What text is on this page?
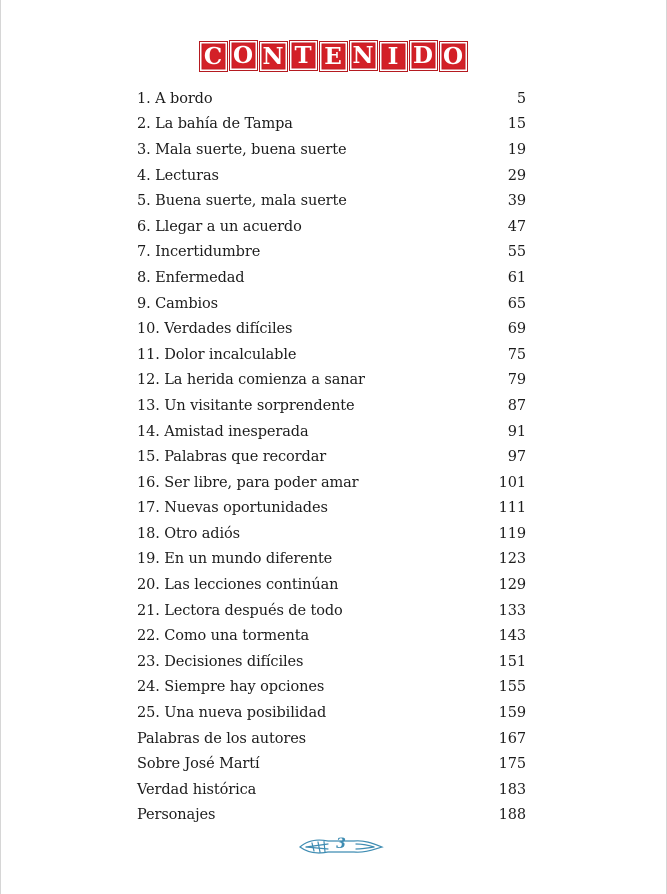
C O N T E N I D O
1. A bordo	5
2. La bahía de Tampa	15
3. Mala suerte, buena suerte	19
4. Lecturas	29
5. Buena suerte, mala suerte	39
6. Llegar a un acuerdo	47
7. Incertidumbre	55
8. Enfermedad	61
9. Cambios	65
10. Verdades difíciles	69
11. Dolor incalculable	75
12. La herida comienza a sanar	79
13. Un visitante sorprendente	87
14. Amistad inesperada	91
15. Palabras que recordar	97
16. Ser libre, para poder amar	101
17. Nuevas oportunidades	111
18. Otro adiós	119
19. En un mundo diferente	123
20. Las lecciones continúan	129
21. Lectora después de todo	133
22. Como una tormenta	143
23. Decisiones difíciles	151
24. Siempre hay opciones	155
25. Una nueva posibilidad	159
Palabras de los autores	167
Sobre José Martí	175
Verdad histórica	183
Personajes	188
3
